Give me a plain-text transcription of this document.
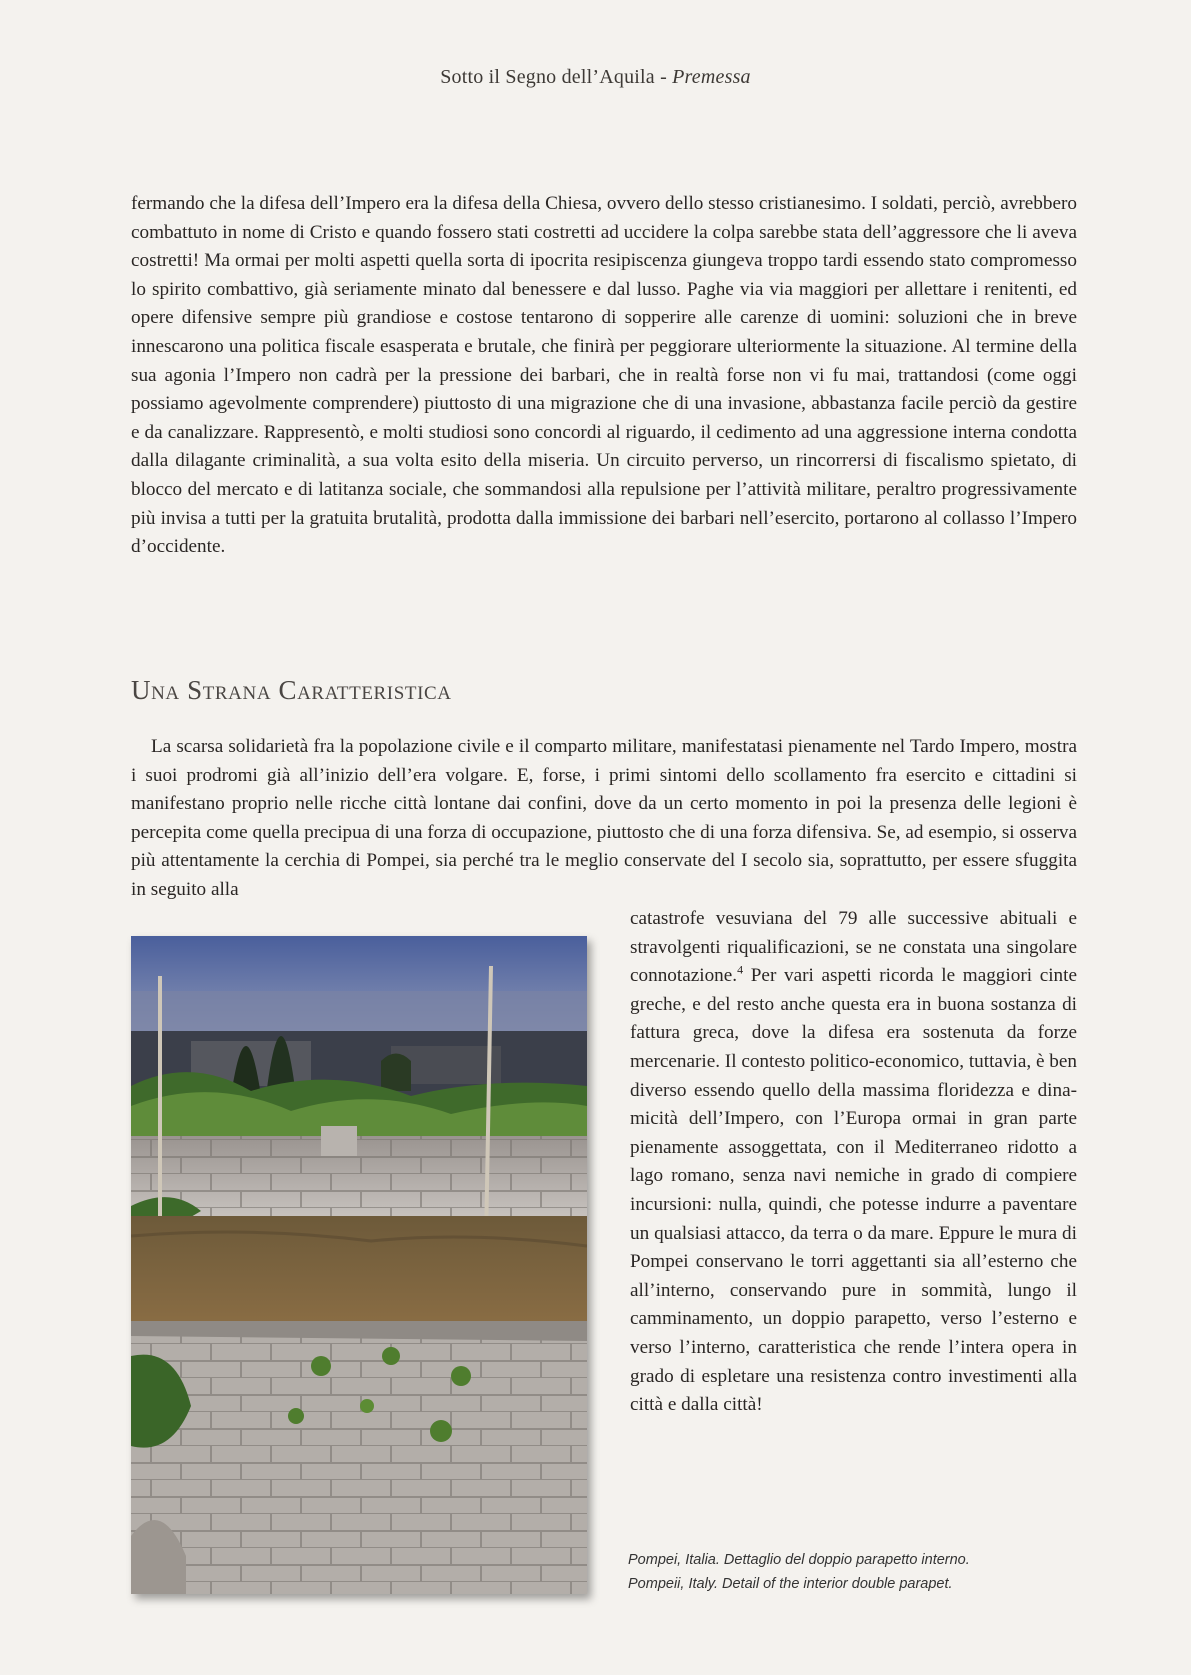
Sotto il Segno dell’Aquila - Premessa

fermando che la difesa dell’Impero era la difesa della Chiesa, ovvero dello stesso cristianesimo. I soldati, perciò, avrebbero combattuto in nome di Cristo e quando fossero stati costretti ad uccidere la colpa sarebbe stata dell’aggressore che li aveva costretti! Ma ormai per molti aspetti quella sorta di ipocrita resipiscenza giungeva troppo tardi essendo stato compromesso lo spirito combattivo, già seriamente minato dal benessere e dal lusso. Paghe via via maggiori per allettare i renitenti, ed opere difensive sempre più grandiose e costose tentarono di sopperire alle carenze di uomini: soluzioni che in breve innescarono una politica fiscale esasperata e brutale, che finirà per peggiorare ulteriormente la situazione. Al termine della sua agonia l’Impero non cadrà per la pressione dei barbari, che in realtà forse non vi fu mai, trattandosi (come oggi possiamo agevolmente comprendere) piuttosto di una migrazione che di una invasione, abbastanza facile perciò da gestire e da canalizzare. Rappresentò, e molti studiosi sono concordi al riguardo, il cedimento ad una aggressione interna condotta dalla dilagante criminalità, a sua volta esito della miseria. Un circuito perverso, un rincorrersi di fiscalismo spietato, di blocco del mercato e di latitanza sociale, che sommandosi alla repulsione per l’attività militare, peraltro progressivamente più invisa a tutti per la gratuita brutalità, prodotta dalla immissione dei barbari nell’esercito, portarono al collasso l’Impero d’occidente.

Una Strana Caratteristica

La scarsa solidarietà fra la popolazione civile e il comparto militare, manifestatasi pienamente nel Tardo Impero, mostra i suoi prodromi già all’inizio dell’era volgare. E, forse, i primi sintomi dello scollamento fra esercito e cittadini si manifestano proprio nelle ricche città lontane dai confini, dove da un certo momento in poi la presenza delle legioni è percepita come quella precipua di una forza di occupazione, piuttosto che di una forza difensiva. Se, ad esempio, si osserva più attentamente la cerchia di Pompei, sia perché tra le meglio conservate del I secolo sia, soprattutto, per essere sfuggita in seguito alla

catastrofe vesuviana del 79 alle successive abituali e stravolgenti riqualificazioni, se ne constata una singolare connotazione.$^4$ Per vari aspetti ricorda le maggiori cinte greche, e del resto anche questa era in buona sostanza di fattura greca, dove la difesa era sostenuta da forze mercenarie. Il contesto politico-economico, tuttavia, è ben diverso essendo quello della massima floridezza e dinamicità dell’Impero, con l’Europa ormai in gran parte pienamente assoggettata, con il Mediterraneo ridotto a lago romano, senza navi nemiche in grado di compiere incursioni: nulla, quindi, che potesse indurre a paventare un qualsiasi attacco, da terra o da mare. Eppure le mura di Pompei conservano le torri aggettanti sia all’esterno che all’interno, conservando pure in sommità, lungo il camminamento, un doppio parapetto, verso l’esterno e verso l’interno, caratteristica che rende l’intera opera in grado di espletare una resistenza contro investimenti alla città e dalla città!

Pompei, Italia. Dettaglio del doppio parapetto interno.
Pompeii, Italy. Detail of the interior double parapet.
